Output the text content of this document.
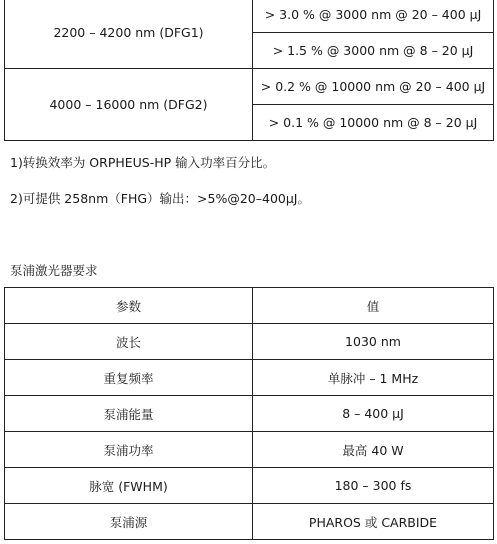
2200 – 4200 nm (DFG1)	> 3.0 % @ 3000 nm @ 20 – 400 μJ
	> 1.5 % @ 3000 nm @ 8 – 20 μJ
4000 – 16000 nm (DFG2)	> 0.2 % @ 10000 nm @ 20 – 400 μJ
	> 0.1 % @ 10000 nm @ 8 – 20 μJ

1)转换效率为 ORPHEUS-HP 输入功率百分比。

2)可提供 258nm（FHG）输出：>5%@20–400μJ。

泵浦激光器要求

参数	值
波长	1030 nm
重复频率	单脉冲 – 1 MHz
泵浦能量	8 – 400 μJ
泵浦功率	最高 40 W
脉宽 (FWHM)	180 – 300 fs
泵浦源	PHAROS 或 CARBIDE
